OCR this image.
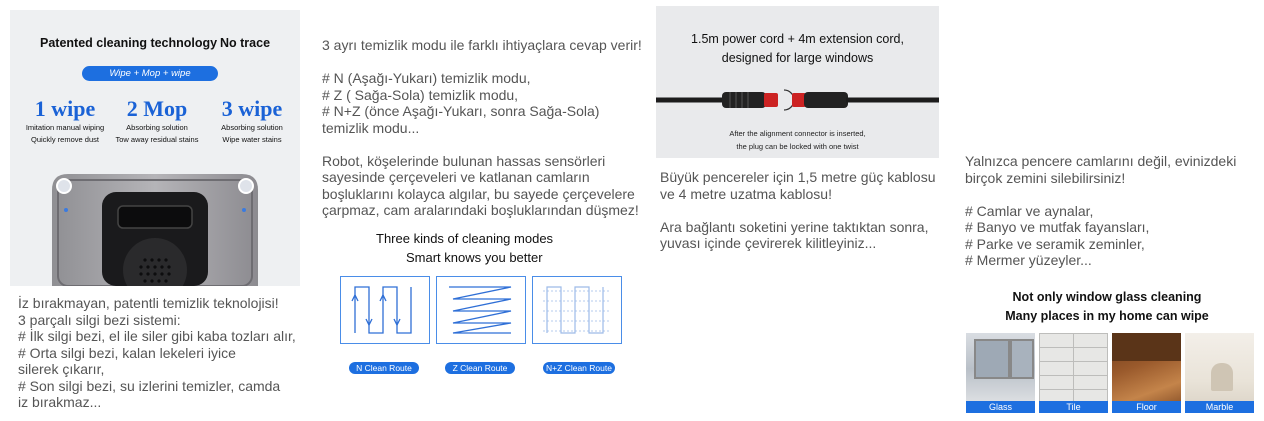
Patented cleaning technology No trace
Wipe + Mop + wipe
1 wipe
Imitation manual wiping
Quickly remove dust
2 Mop
Absorbing solution
Tow away residual stains
3 wipe
Absorbing solution
Wipe water stains
İz bırakmayan, patentli temizlik teknolojisi!
3 parçalı silgi bezi sistemi:
# İlk silgi bezi, el ile siler gibi kaba tozları alır,
# Orta silgi bezi, kalan lekeleri iyice
silerek çıkarır,
# Son silgi bezi, su izlerini temizler, camda
iz bırakmaz...
3 ayrı temizlik modu ile farklı ihtiyaçlara cevap verir!

# N (Aşağı-Yukarı) temizlik modu,
# Z ( Sağa-Sola) temizlik modu,
# N+Z (önce Aşağı-Yukarı, sonra Sağa-Sola)
temizlik modu...

Robot, köşelerinde bulunan hassas sensörleri
sayesinde çerçeveleri ve katlanan camların
boşluklarını kolayca algılar, bu sayede çerçevelere
çarpmaz, cam aralarındaki boşluklarından düşmez!
Three kinds of cleaning modes
Smart knows you better
N Clean Route	Z Clean Route	N+Z Clean Route
1.5m power cord + 4m extension cord,
designed for large windows
After the alignment connector is inserted,
the plug can be locked with one twist
Büyük pencereler için 1,5 metre güç kablosu
ve 4 metre uzatma kablosu!

Ara bağlantı soketini yerine taktıktan sonra,
yuvası içinde çevirerek kilitleyiniz...
Yalnızca pencere camlarını değil, evinizdeki
birçok zemini silebilirsiniz!

# Camlar ve aynalar,
# Banyo ve mutfak fayansları,
# Parke ve seramik zeminler,
# Mermer yüzeyler...
Not only window glass cleaning
Many places in my home can wipe
Glass	Tile	Floor	Marble
